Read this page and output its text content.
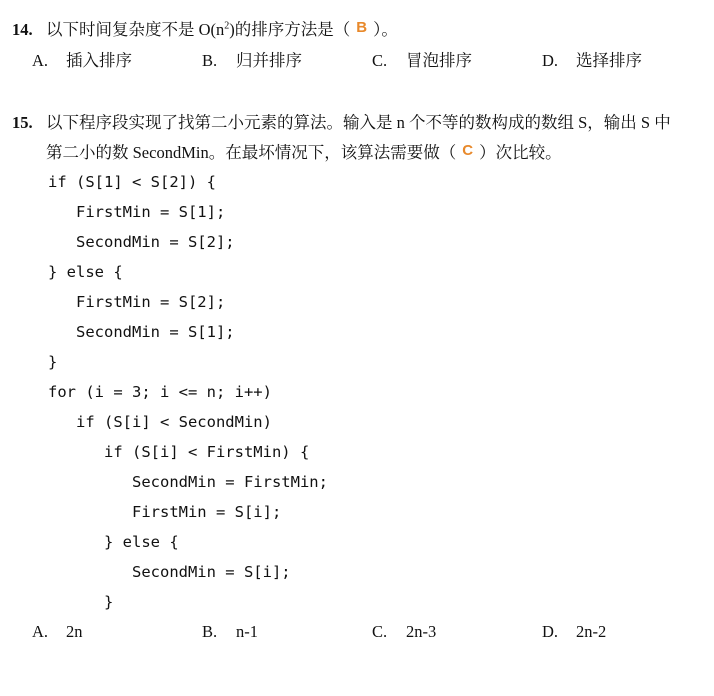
14. 以下时间复杂度不是 $O(n^2)$的排序方法是（ B ）。
A. 插入排序	B. 归并排序	C. 冒泡排序	D. 选择排序
15. 以下程序段实现了找第二小元素的算法。输入是 n 个不等的数构成的数组 S，输出 S 中
第二小的数 SecondMin。在最坏情况下，该算法需要做（ C ）次比较。
if (S[1] < S[2]) {
FirstMin = S[1];
SecondMin = S[2];
} else {
FirstMin = S[2];
SecondMin = S[1];
}
for (i = 3; i <= n; i++)
if (S[i] < SecondMin)
if (S[i] < FirstMin) {
SecondMin = FirstMin;
FirstMin = S[i];
} else {
SecondMin = S[i];
}
A. 2n	B. n-1	C. 2n-3	D. 2n-2
